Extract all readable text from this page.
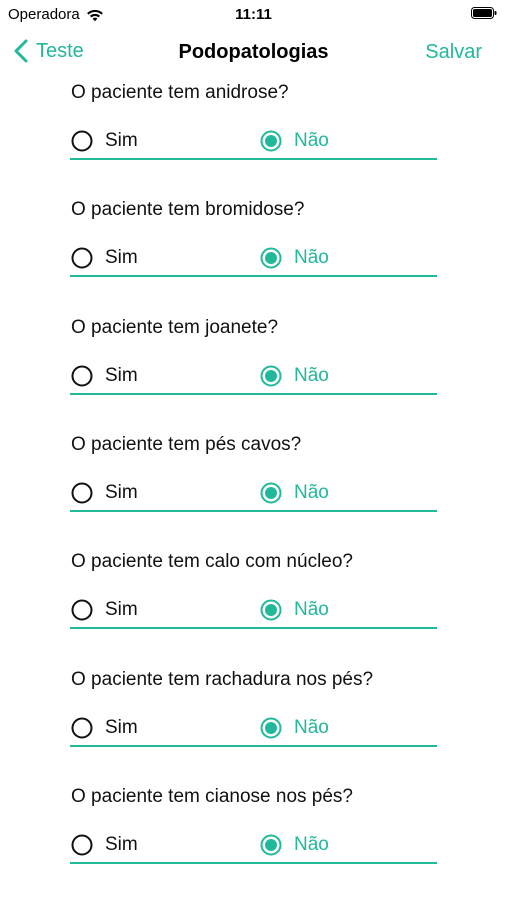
Operadora	11:11
Teste	Podopatologias	Salvar
O paciente tem anidrose?
Sim	Não
O paciente tem bromidose?
Sim	Não
O paciente tem joanete?
Sim	Não
O paciente tem pés cavos?
Sim	Não
O paciente tem calo com núcleo?
Sim	Não
O paciente tem rachadura nos pés?
Sim	Não
O paciente tem cianose nos pés?
Sim	Não
